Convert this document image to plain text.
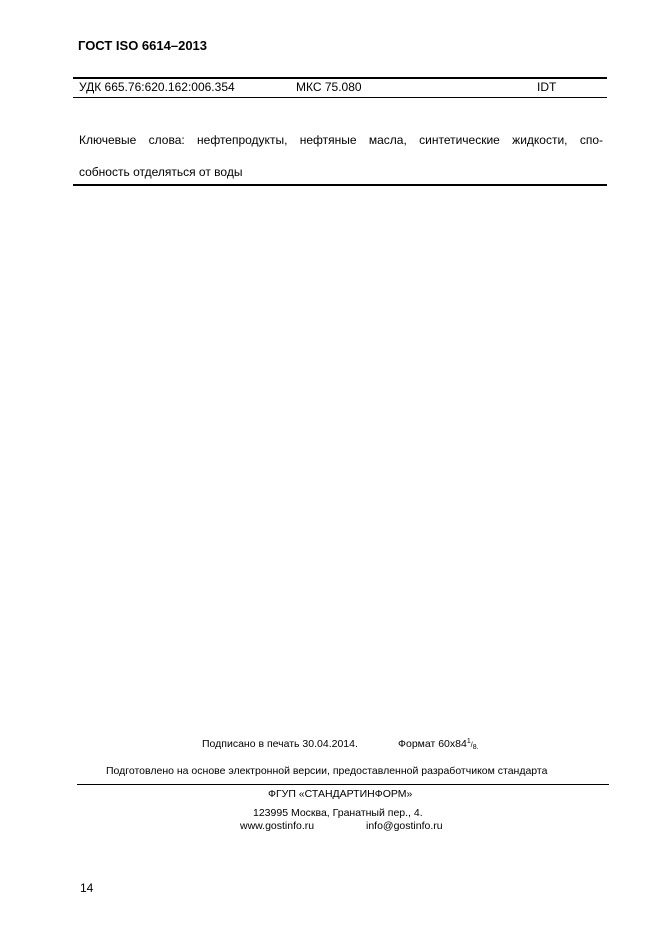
ГОСТ ISO 6614–2013
УДК 665.76:620.162:006.354	МКС 75.080	IDT
Ключевые слова: нефтепродукты, нефтяные масла, синтетические жидкости, спо-
собность отделяться от воды
Подписано в печать 30.04.2014.	Формат 60x841/8.
Подготовлено на основе электронной версии, предоставленной разработчиком стандарта
ФГУП «СТАНДАРТИНФОРМ»
123995 Москва, Гранатный пер., 4.
www.gostinfo.ru	info@gostinfo.ru
14
